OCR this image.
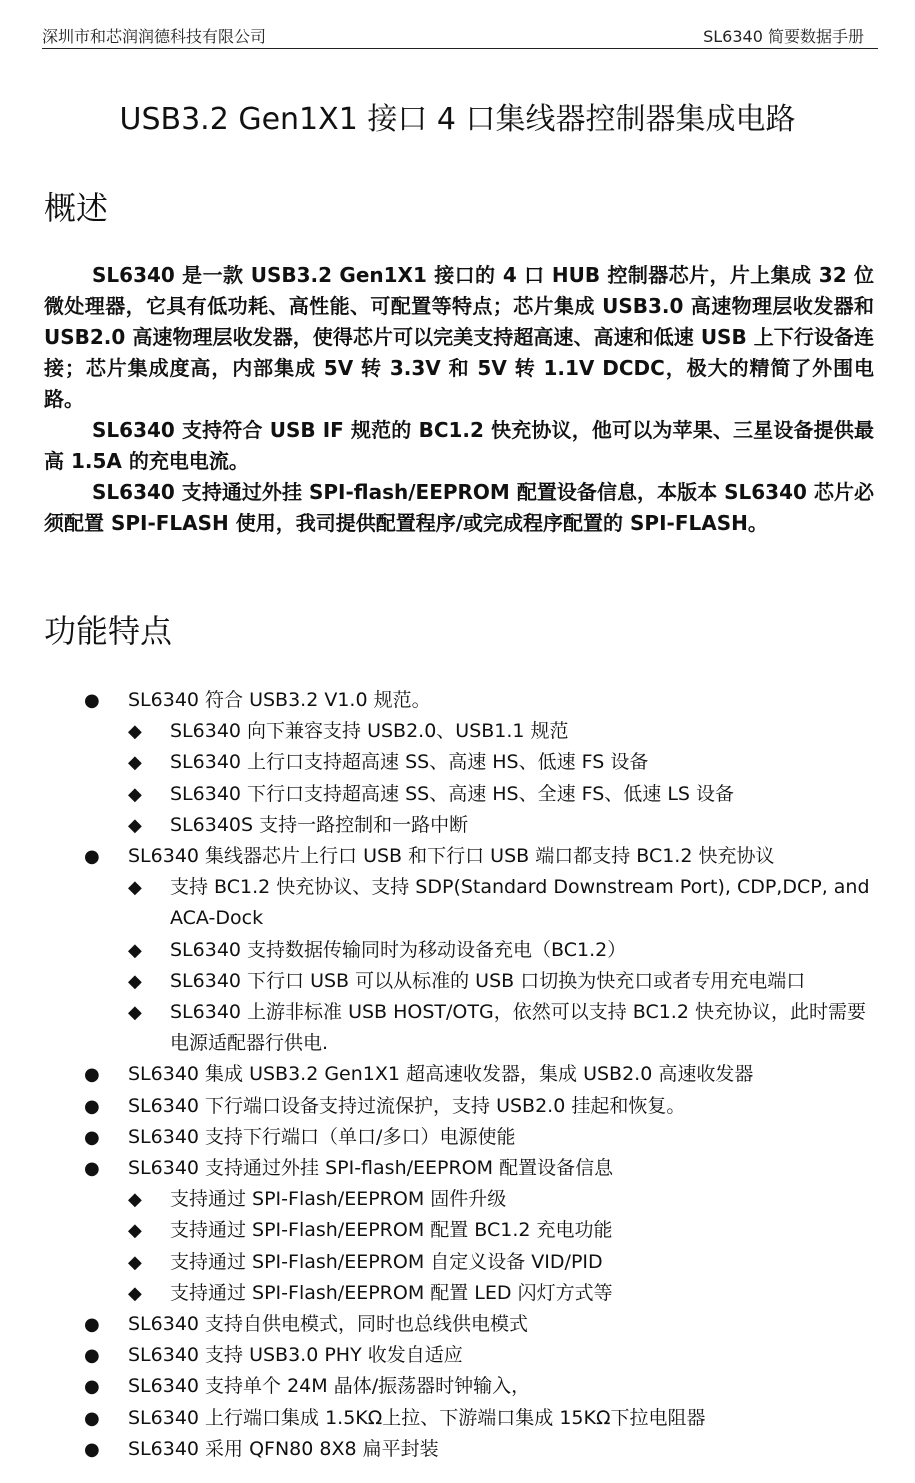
深圳市和芯润润德科技有限公司	SL6340 简要数据手册
USB3.2 Gen1X1 接口 4 口集线器控制器集成电路
概述

SL6340 是一款 USB3.2 Gen1X1 接口的 4 口 HUB 控制器芯片，片上集成 32 位微处理器，它具有低功耗、高性能、可配置等特点；芯片集成 USB3.0 高速物理层收发器和 USB2.0 高速物理层收发器，使得芯片可以完美支持超高速、高速和低速 USB 上下行设备连接；芯片集成度高，内部集成 5V 转 3.3V 和 5V 转 1.1V DCDC，极大的精简了外围电路。

SL6340 支持符合 USB IF 规范的 BC1.2 快充协议，他可以为苹果、三星设备提供最高 1.5A 的充电电流。

SL6340 支持通过外挂 SPI-flash/EEPROM 配置设备信息，本版本 SL6340 芯片必须配置 SPI-FLASH 使用，我司提供配置程序/或完成程序配置的 SPI-FLASH。

功能特点
● SL6340 符合 USB3.2 V1.0 规范。
◆ SL6340 向下兼容支持 USB2.0、USB1.1 规范
◆ SL6340 上行口支持超高速 SS、高速 HS、低速 FS 设备
◆ SL6340 下行口支持超高速 SS、高速 HS、全速 FS、低速 LS 设备
◆ SL6340S 支持一路控制和一路中断
● SL6340 集线器芯片上行口 USB 和下行口 USB 端口都支持 BC1.2 快充协议
◆ 支持 BC1.2 快充协议、支持 SDP(Standard Downstream Port), CDP,DCP, and ACA-Dock
◆ SL6340 支持数据传输同时为移动设备充电（BC1.2）
◆ SL6340 下行口 USB 可以从标准的 USB 口切换为快充口或者专用充电端口
◆ SL6340 上游非标准 USB HOST/OTG，依然可以支持 BC1.2 快充协议，此时需要电源适配器行供电.
● SL6340 集成 USB3.2 Gen1X1 超高速收发器，集成 USB2.0 高速收发器
● SL6340 下行端口设备支持过流保护，支持 USB2.0 挂起和恢复。
● SL6340 支持下行端口（单口/多口）电源使能
● SL6340 支持通过外挂 SPI-flash/EEPROM 配置设备信息
◆ 支持通过 SPI-Flash/EEPROM 固件升级
◆ 支持通过 SPI-Flash/EEPROM 配置 BC1.2 充电功能
◆ 支持通过 SPI-Flash/EEPROM 自定义设备 VID/PID
◆ 支持通过 SPI-Flash/EEPROM 配置 LED 闪灯方式等
● SL6340 支持自供电模式，同时也总线供电模式
● SL6340 支持 USB3.0 PHY 收发自适应
● SL6340 支持单个 24M 晶体/振荡器时钟输入，
● SL6340 上行端口集成 1.5KΩ上拉、下游端口集成 15KΩ下拉电阻器
● SL6340 采用 QFN80 8X8 扁平封装
